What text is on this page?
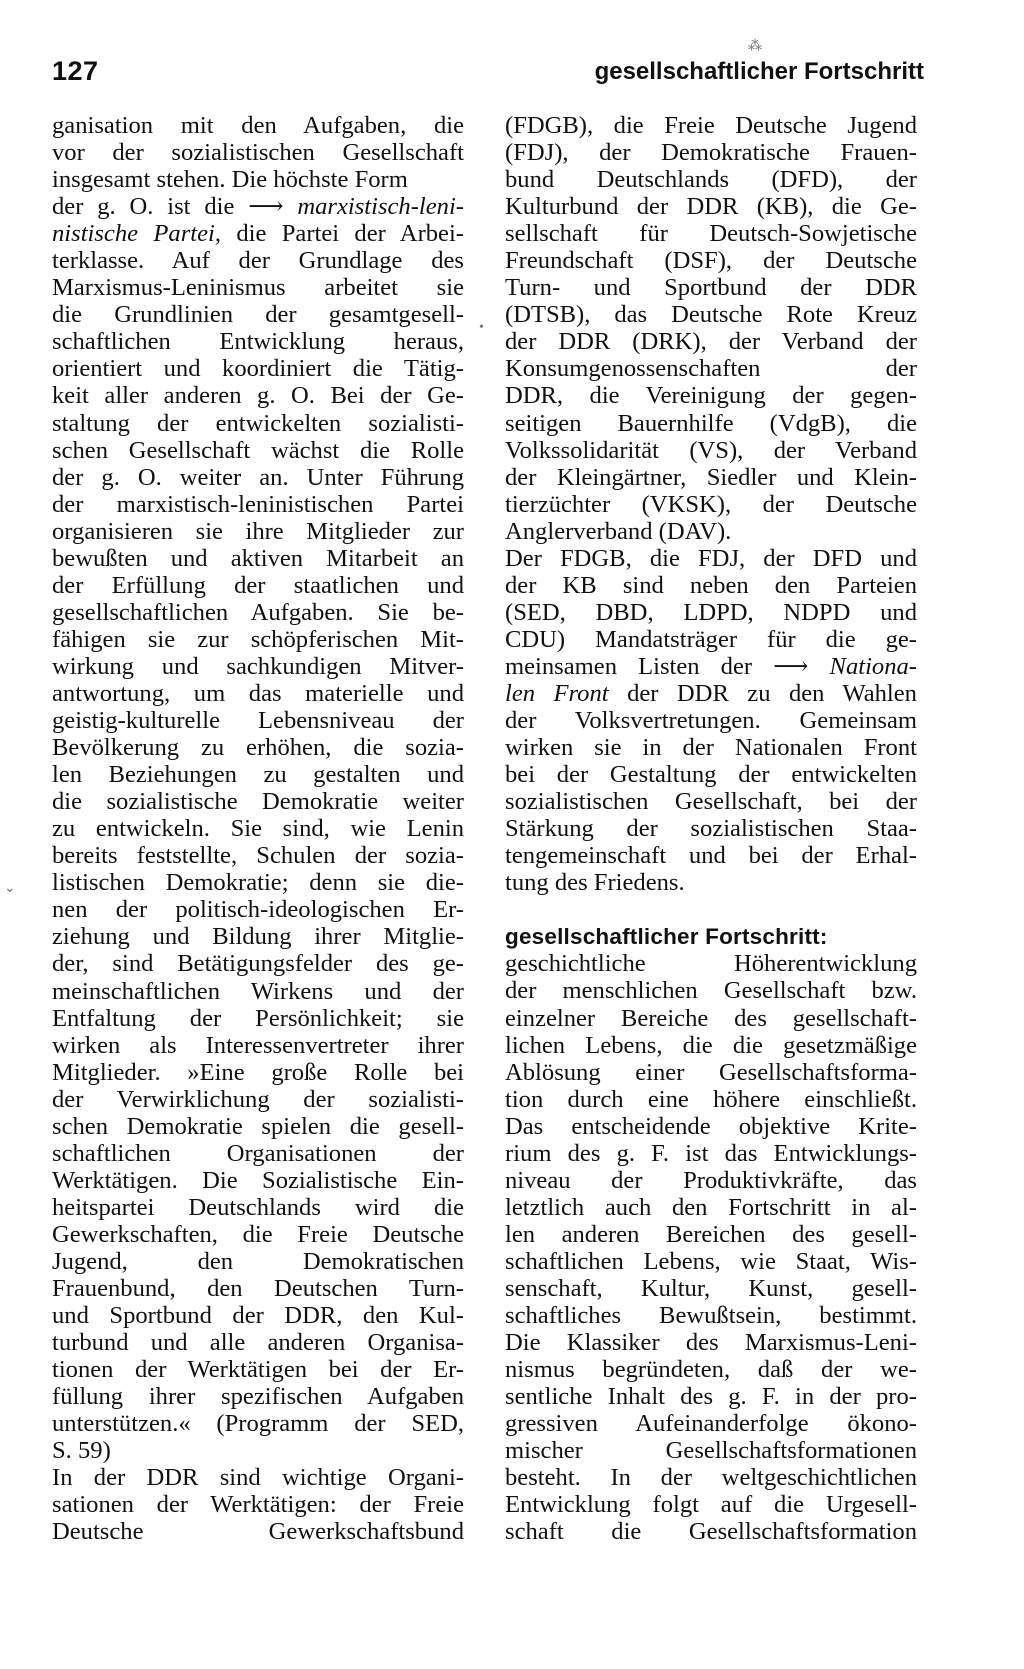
127	gesellschaftlicher Fortschritt
ganisation mit den Aufgaben, die
vor der sozialistischen Gesellschaft
insgesamt stehen. Die höchste Form
der g. O. ist die ⟶ marxistisch-leni-
nistische Partei, die Partei der Arbei-
terklasse. Auf der Grundlage des
Marxismus-Leninismus arbeitet sie
die Grundlinien der gesamtgesell-
schaftlichen Entwicklung heraus,
orientiert und koordiniert die Tätig-
keit aller anderen g. O. Bei der Ge-
staltung der entwickelten sozialisti-
schen Gesellschaft wächst die Rolle
der g. O. weiter an. Unter Führung
der marxistisch-leninistischen Partei
organisieren sie ihre Mitglieder zur
bewußten und aktiven Mitarbeit an
der Erfüllung der staatlichen und
gesellschaftlichen Aufgaben. Sie be-
fähigen sie zur schöpferischen Mit-
wirkung und sachkundigen Mitver-
antwortung, um das materielle und
geistig-kulturelle Lebensniveau der
Bevölkerung zu erhöhen, die sozia-
len Beziehungen zu gestalten und
die sozialistische Demokratie weiter
zu entwickeln. Sie sind, wie Lenin
bereits feststellte, Schulen der sozia-
listischen Demokratie; denn sie die-
nen der politisch-ideologischen Er-
ziehung und Bildung ihrer Mitglie-
der, sind Betätigungsfelder des ge-
meinschaftlichen Wirkens und der
Entfaltung der Persönlichkeit; sie
wirken als Interessenvertreter ihrer
Mitglieder. »Eine große Rolle bei
der Verwirklichung der sozialisti-
schen Demokratie spielen die gesell-
schaftlichen Organisationen der
Werktätigen. Die Sozialistische Ein-
heitspartei Deutschlands wird die
Gewerkschaften, die Freie Deutsche
Jugend, den Demokratischen
Frauenbund, den Deutschen Turn-
und Sportbund der DDR, den Kul-
turbund und alle anderen Organisa-
tionen der Werktätigen bei der Er-
füllung ihrer spezifischen Aufgaben
unterstützen.« (Programm der SED,
S. 59)
In der DDR sind wichtige Organi-
sationen der Werktätigen: der Freie
Deutsche Gewerkschaftsbund
(FDGB), die Freie Deutsche Jugend
(FDJ), der Demokratische Frauen-
bund Deutschlands (DFD), der
Kulturbund der DDR (KB), die Ge-
sellschaft für Deutsch-Sowjetische
Freundschaft (DSF), der Deutsche
Turn- und Sportbund der DDR
(DTSB), das Deutsche Rote Kreuz
der DDR (DRK), der Verband der
Konsumgenossenschaften der
DDR, die Vereinigung der gegen-
seitigen Bauernhilfe (VdgB), die
Volkssolidarität (VS), der Verband
der Kleingärtner, Siedler und Klein-
tierzüchter (VKSK), der Deutsche
Anglerverband (DAV).
Der FDGB, die FDJ, der DFD und
der KB sind neben den Parteien
(SED, DBD, LDPD, NDPD und
CDU) Mandatsträger für die ge-
meinsamen Listen der ⟶ Nationa-
len Front der DDR zu den Wahlen
der Volksvertretungen. Gemeinsam
wirken sie in der Nationalen Front
bei der Gestaltung der entwickelten
sozialistischen Gesellschaft, bei der
Stärkung der sozialistischen Staa-
tengemeinschaft und bei der Erhal-
tung des Friedens.
gesellschaftlicher Fortschritt:
geschichtliche Höherentwicklung
der menschlichen Gesellschaft bzw.
einzelner Bereiche des gesellschaft-
lichen Lebens, die die gesetzmäßige
Ablösung einer Gesellschaftsforma-
tion durch eine höhere einschließt.
Das entscheidende objektive Krite-
rium des g. F. ist das Entwicklungs-
niveau der Produktivkräfte, das
letztlich auch den Fortschritt in al-
len anderen Bereichen des gesell-
schaftlichen Lebens, wie Staat, Wis-
senschaft, Kultur, Kunst, gesell-
schaftliches Bewußtsein, bestimmt.
Die Klassiker des Marxismus-Leni-
nismus begründeten, daß der we-
sentliche Inhalt des g. F. in der pro-
gressiven Aufeinanderfolge ökono-
mischer Gesellschaftsformationen
besteht. In der weltgeschichtlichen
Entwicklung folgt auf die Urgesell-
schaft die Gesellschaftsformation
⁂
•
⌄
